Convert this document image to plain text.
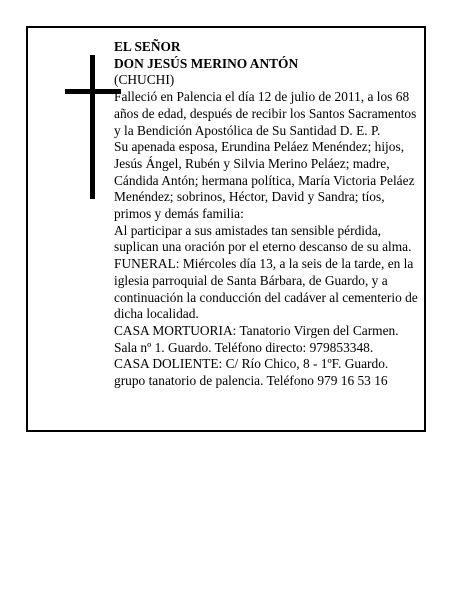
EL SEÑOR

DON JESÚS MERINO ANTÓN

(CHUCHI)

Falleció en Palencia el día 12 de julio de 2011, a los 68 años de edad, después de recibir los Santos Sacramentos y la Bendición Apostólica de Su Santidad D. E. P.

Su apenada esposa, Erundina Peláez Menéndez; hijos, Jesús Ángel, Rubén y Silvia Merino Peláez; madre, Cándida Antón; hermana política, María Victoria Peláez Menéndez; sobrinos, Héctor, David y Sandra; tíos, primos y demás familia:

Al participar a sus amistades tan sensible pérdida, suplican una oración por el eterno descanso de su alma.

FUNERAL: Miércoles día 13, a la seis de la tarde, en la iglesia parroquial de Santa Bárbara, de Guardo, y a continuación la conducción del cadáver al cementerio de dicha localidad.

CASA MORTUORIA: Tanatorio Virgen del Carmen. Sala nº 1. Guardo. Teléfono directo: 979853348.

CASA DOLIENTE: C/ Río Chico, 8 - 1ºF. Guardo.

grupo tanatorio de palencia. Teléfono 979 16 53 16
